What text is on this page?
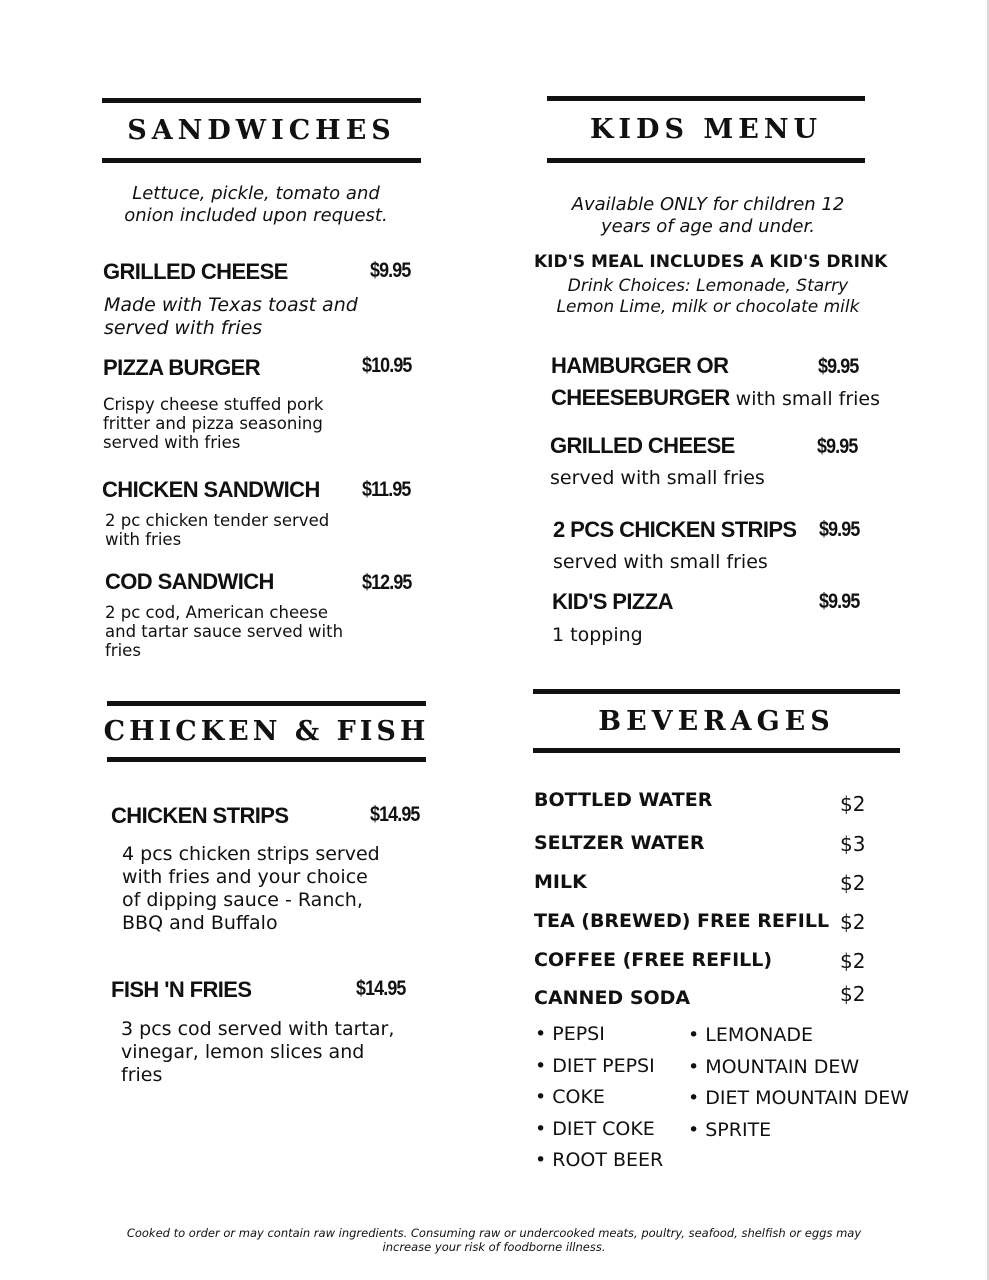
SANDWICHES
Lettuce, pickle, tomato and
onion included upon request.
GRILLED CHEESE	$9.95
Made with Texas toast and
served with fries
PIZZA BURGER	$10.95
Crispy cheese stuffed pork
fritter and pizza seasoning
served with fries
CHICKEN SANDWICH $11.95
2 pc chicken tender served
with fries
COD SANDWICH	$12.95
2 pc cod, American cheese
and tartar sauce served with
fries
KIDS MENU
Available ONLY for children 12
years of age and under.
KID'S MEAL INCLUDES A KID'S DRINK
Drink Choices: Lemonade, Starry
Lemon Lime, milk or chocolate milk
HAMBURGER OR
CHEESEBURGER with small fries
$9.95
GRILLED CHEESE	$9.95
served with small fries
2 PCS CHICKEN STRIPS $9.95
served with small fries
KID'S PIZZA	$9.95
1 topping
CHICKEN & FISH
CHICKEN STRIPS	$14.95
4 pcs chicken strips served
with fries and your choice
of dipping sauce - Ranch,
BBQ and Buffalo
FISH 'N FRIES	$14.95
3 pcs cod served with tartar,
vinegar, lemon slices and
fries
BEVERAGES
BOTTLED WATER	$2
SELTZER WATER	$3
MILK	$2
TEA (BREWED) FREE REFILL $2
COFFEE (FREE REFILL)	$2
CANNED SODA	$2
• PEPSI
• DIET PEPSI
• COKE
• DIET COKE
• ROOT BEER
• LEMONADE
• MOUNTAIN DEW
• DIET MOUNTAIN DEW
• SPRITE
Cooked to order or may contain raw ingredients. Consuming raw or undercooked meats, poultry, seafood, shelfish or eggs may
increase your risk of foodborne illness.
